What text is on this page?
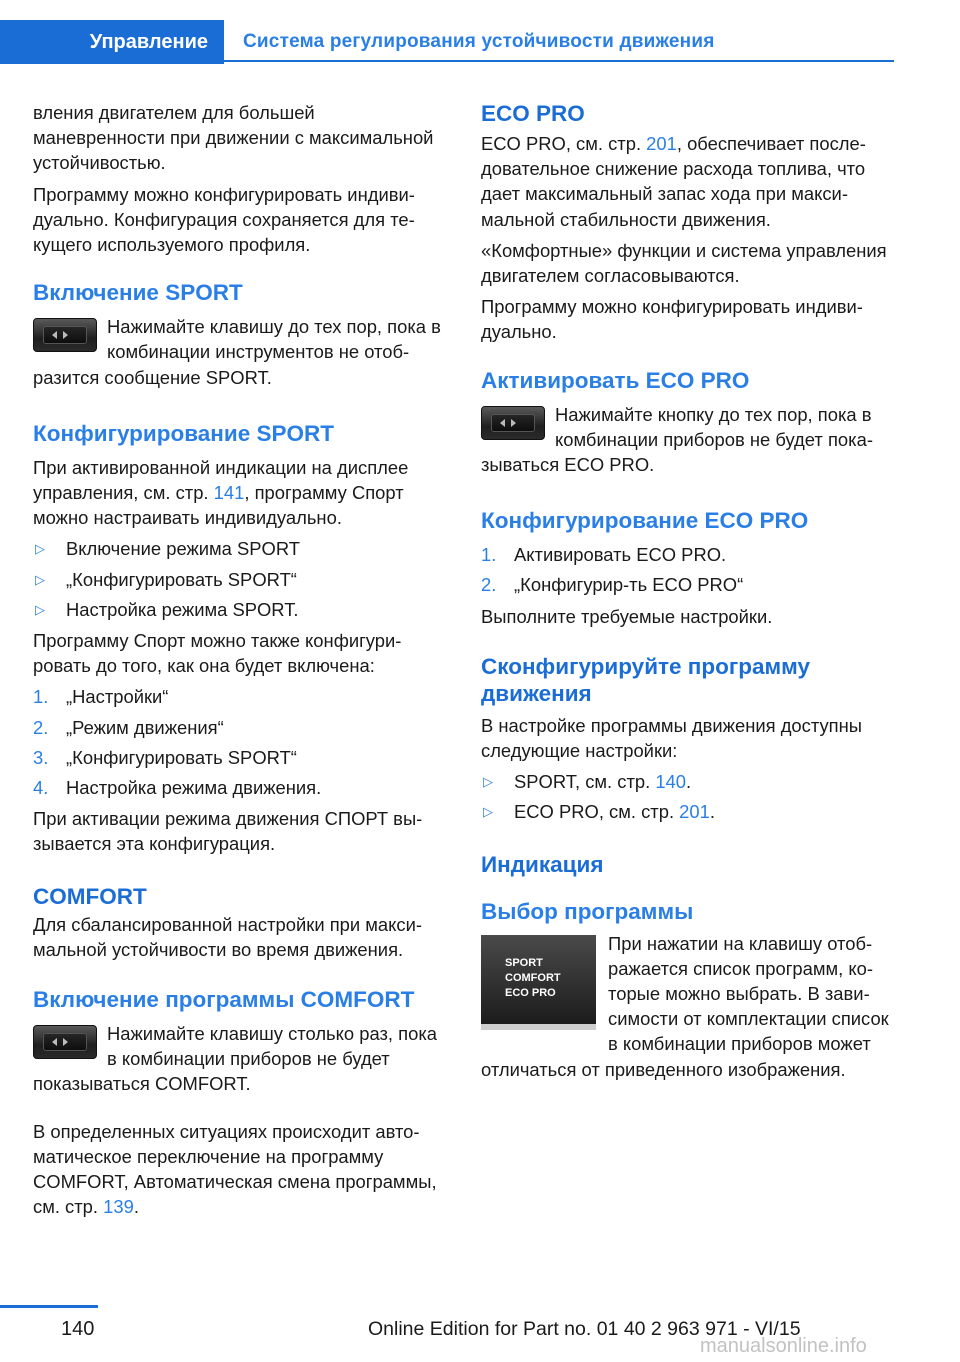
Управление Система регулирования устойчивости движения

вления двигателем для большей маневренности при движении с максимальной устойчивостью.

Программу можно конфигурировать индивидуально. Конфигурация сохраняется для текущего используемого профиля.

Включение SPORT
Нажимайте клавишу до тех пор, пока в комбинации инструментов не отобразится сообщение SPORT.
Конфигурирование SPORT

При активированной индикации на дисплее управления, см. стр. 141, программу Спорт можно настраивать индивидуально.

▷ Включение режима SPORT
▷ „Конфигурировать SPORT“
▷ Настройка режима SPORT.

Программу Спорт можно также конфигурировать до того, как она будет включена:

1. „Настройки“
2. „Режим движения“
3. „Конфигурировать SPORT“
4. Настройка режима движения.

При активации режима движения СПОРТ вызывается эта конфигурация.

COMFORT

Для сбалансированной настройки при максимальной устойчивости во время движения.

Включение программы COMFORT
Нажимайте клавишу столько раз, пока в комбинации приборов не будет показываться COMFORT.

В определенных ситуациях происходит автоматическое переключение на программу COMFORT, Автоматическая смена программы, см. стр. 139.

ECO PRO

ECO PRO, см. стр. 201, обеспечивает последовательное снижение расхода топлива, что дает максимальный запас хода при максимальной стабильности движения.

«Комфортные» функции и система управления двигателем согласовываются.

Программу можно конфигурировать индивидуально.

Активировать ECO PRO
Нажимайте кнопку до тех пор, пока в комбинации приборов не будет показываться ECO PRO.
Конфигурирование ECO PRO
1. Активировать ECO PRO.
2. „Конфигурир-ть ECO PRO“

Выполните требуемые настройки.

Сконфигурируйте программу движения

В настройке программы движения доступны следующие настройки:

▷ SPORT, см. стр. 140.
▷ ECO PRO, см. стр. 201.
Индикация
Выбор программы
SPORT
COMFORT
ECO PRO
При нажатии на клавишу отображается список программ, которые можно выбрать. В зависимости от комплектации список в комбинации приборов может отличаться от приведенного изображения.
140	Online Edition for Part no. 01 40 2 963 971 - VI/15
manualsonline.info
